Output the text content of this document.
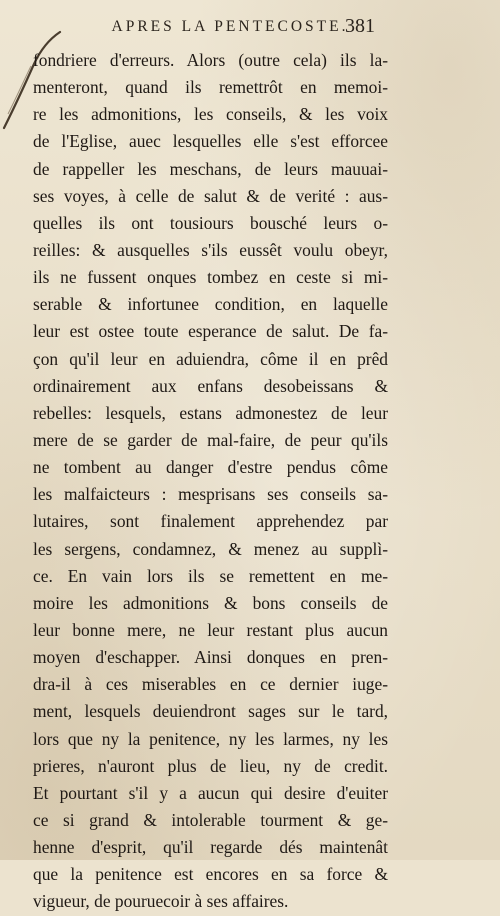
APRES LA PENTECOSTE.
381
fondriere d'erreurs. Alors (outre cela) ils la-
menteront, quand ils remettrôt en memoi-
re les admonitions, les conseils, & les voix
de l'Eglise, auec lesquelles elle s'est efforcee
de rappeller les meschans, de leurs mauuai-
ses voyes, à celle de salut & de verité : aus-
quelles ils ont tousiours bousché leurs o-
reilles: & ausquelles s'ils eussêt voulu obeyr,
ils ne fussent onques tombez en ceste si mi-
serable & infortunee condition, en laquelle
leur est ostee toute esperance de salut. De fa-
çon qu'il leur en aduiendra, côme il en prêd
ordinairement aux enfans desobeissans &
rebelles: lesquels, estans admonestez de leur
mere de se garder de mal-faire, de peur qu'ils
ne tombent au danger d'estre pendus côme
les malfaicteurs : mesprisans ses conseils sa-
lutaires, sont finalement apprehendez par
les sergens, condamnez, & menez au supplì-
ce. En vain lors ils se remettent en me-
moire les admonitions & bons conseils de
leur bonne mere, ne leur restant plus aucun
moyen d'eschapper. Ainsi donques en pren-
dra-il à ces miserables en ce dernier iuge-
ment, lesquels deuiendront sages sur le tard,
lors que ny la penitence, ny les larmes, ny les
prieres, n'auront plus de lieu, ny de credit.
Et pourtant s'il y a aucun qui desire d'euiter
ce si grand & intolerable tourment & ge-
henne d'esprit, qu'il regarde dés maintenât
que la penitence est encores en sa force &
vigueur, de pouruecoir à ses affaires.
